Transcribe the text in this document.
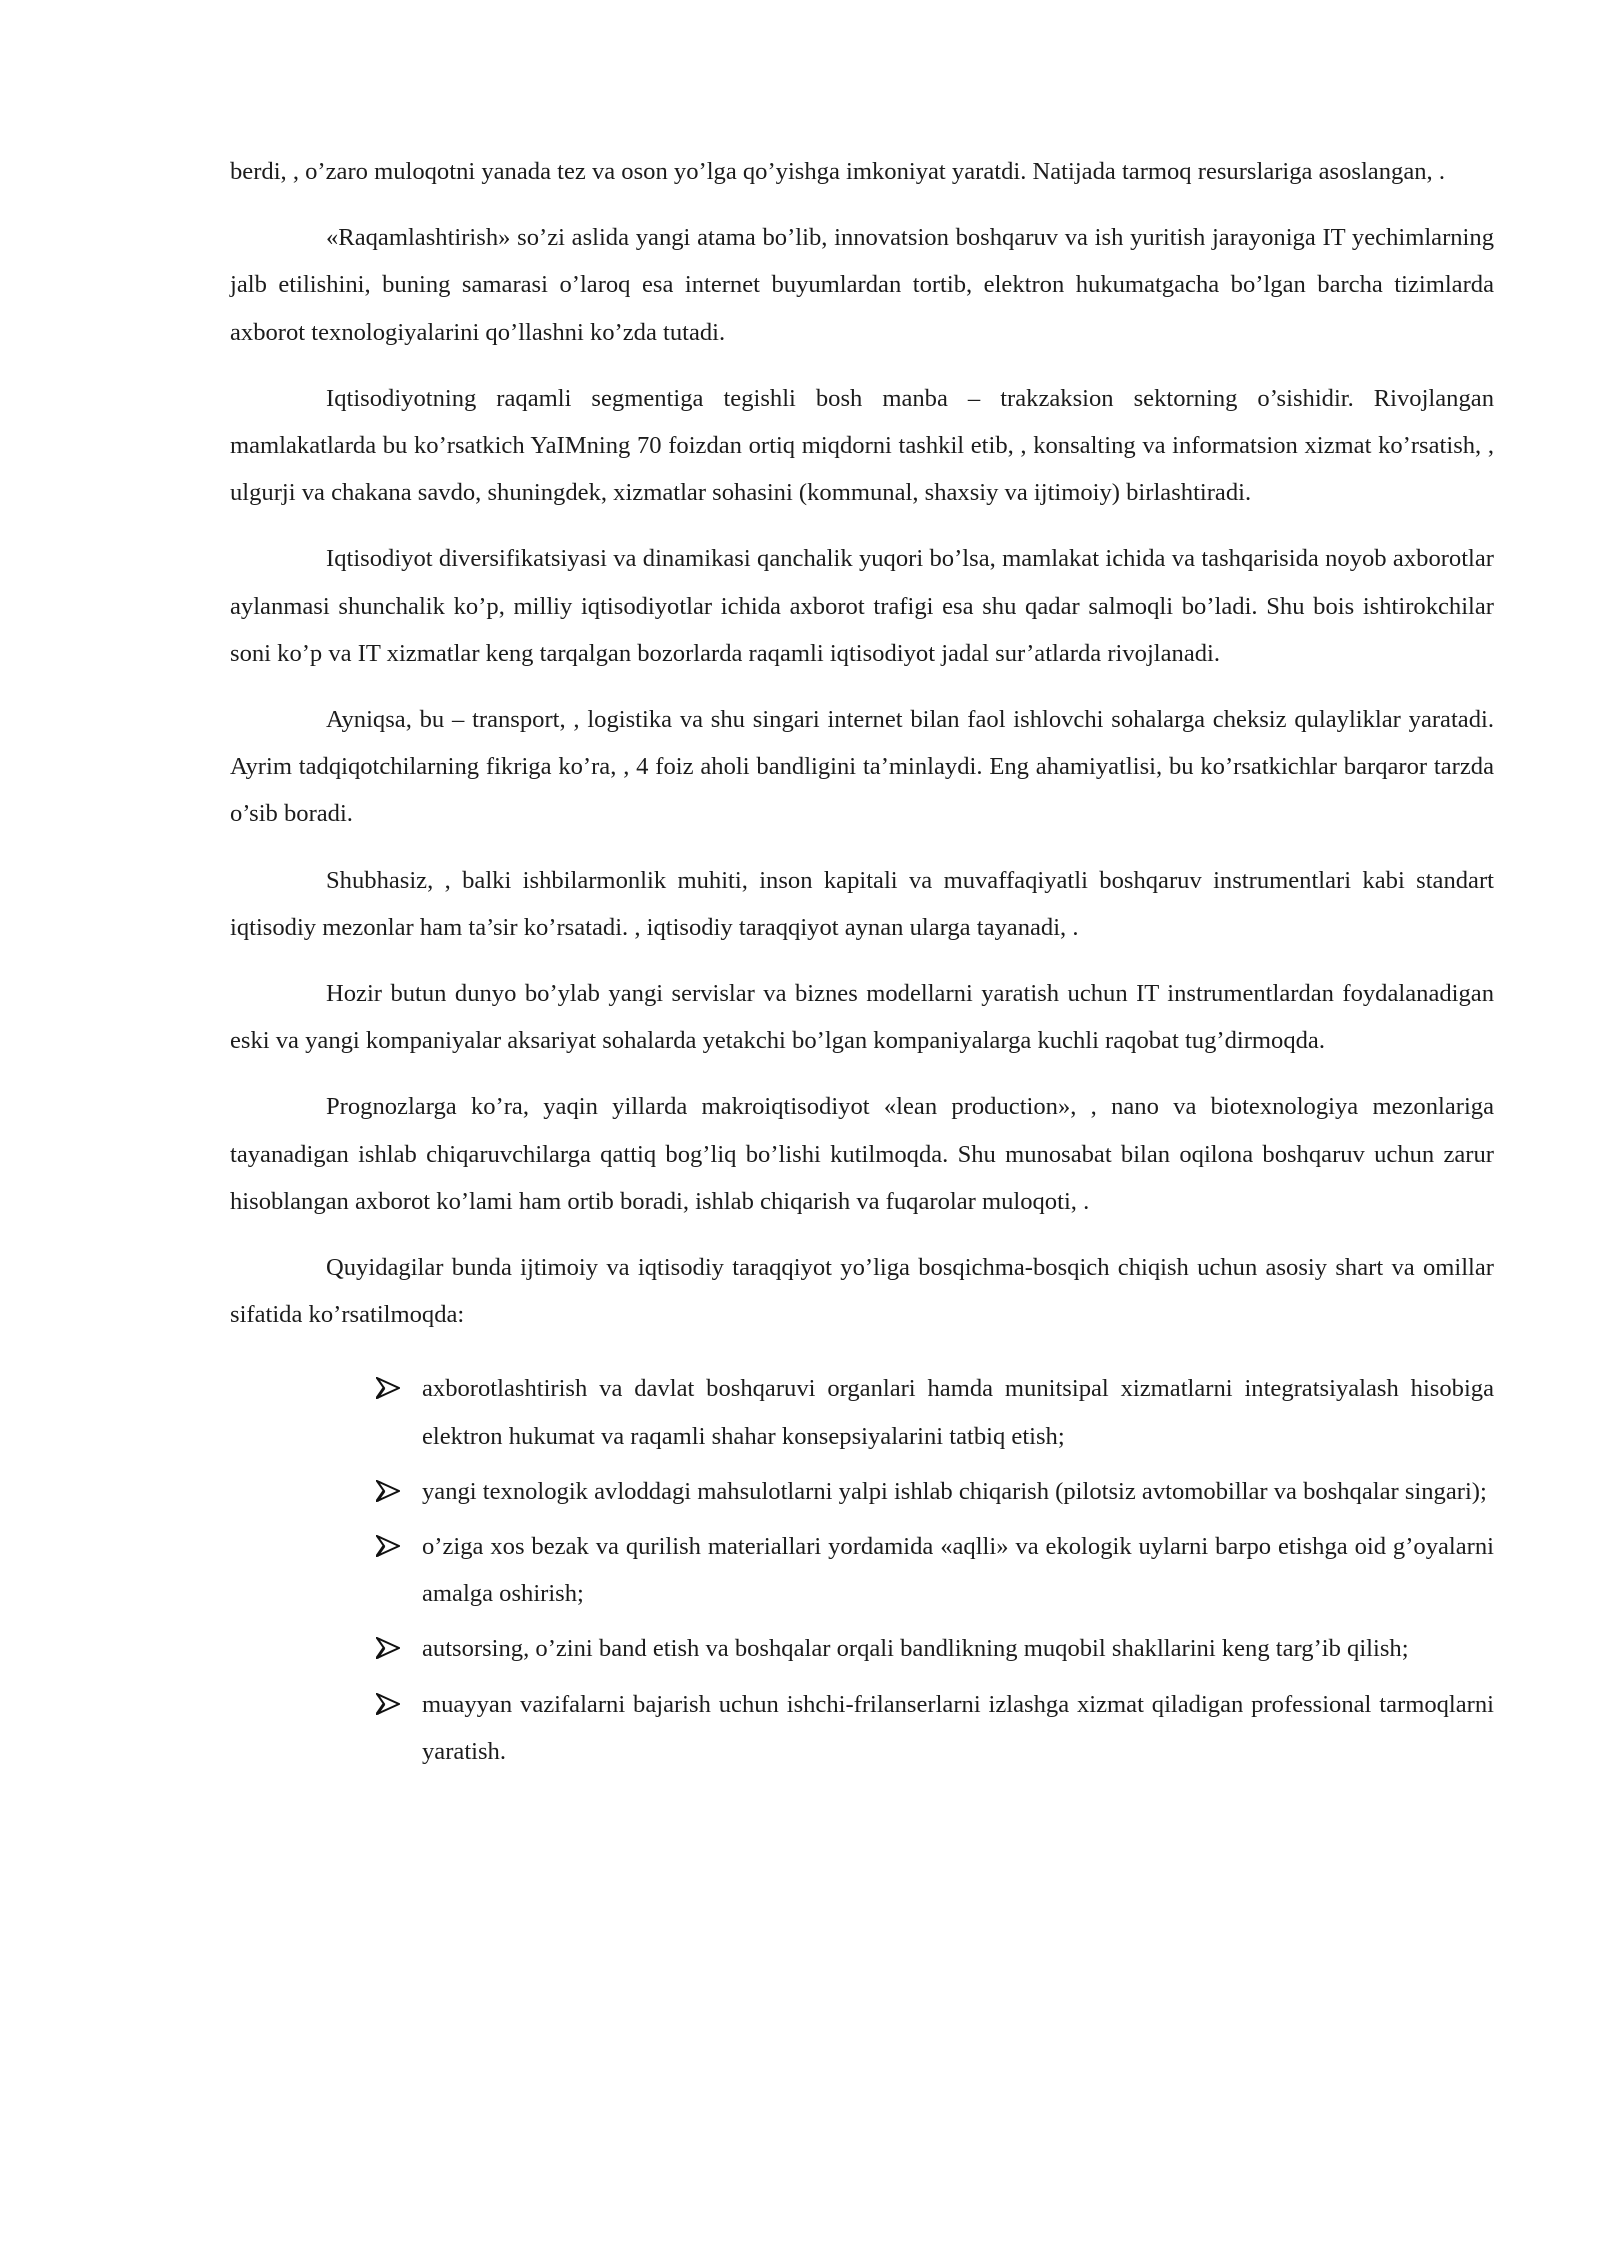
berdi, , o’zaro muloqotni yanada tez va oson yo’lga qo’yishga imkoniyat yaratdi. Natijada tarmoq resurslariga asoslangan, .

«Raqamlashtirish» so’zi aslida yangi atama bo’lib, innovatsion boshqaruv va ish yuritish jarayoniga IT yechimlarning jalb etilishini, buning samarasi o’laroq esa internet buyumlardan tortib, elektron hukumatgacha bo’lgan barcha tizimlarda axborot texnologiyalarini qo’llashni ko’zda tutadi.

Iqtisodiyotning raqamli segmentiga tegishli bosh manba – trakzaksion sektorning o’sishidir. Rivojlangan mamlakatlarda bu ko’rsatkich YaIMning 70 foizdan ortiq miqdorni tashkil etib, , konsalting va informatsion xizmat ko’rsatish, , ulgurji va chakana savdo, shuningdek, xizmatlar sohasini (kommunal, shaxsiy va ijtimoiy) birlashtiradi.

Iqtisodiyot diversifikatsiyasi va dinamikasi qanchalik yuqori bo’lsa, mamlakat ichida va tashqarisida noyob axborotlar aylanmasi shunchalik ko’p, milliy iqtisodiyotlar ichida axborot trafigi esa shu qadar salmoqli bo’ladi. Shu bois ishtirokchilar soni ko’p va IT xizmatlar keng tarqalgan bozorlarda raqamli iqtisodiyot jadal sur’atlarda rivojlanadi.

Ayniqsa, bu – transport, , logistika va shu singari internet bilan faol ishlovchi sohalarga cheksiz qulayliklar yaratadi. Ayrim tadqiqotchilarning fikriga ko’ra, , 4 foiz aholi bandligini ta’minlaydi. Eng ahamiyatlisi, bu ko’rsatkichlar barqaror tarzda o’sib boradi.

Shubhasiz, , balki ishbilarmonlik muhiti, inson kapitali va muvaffaqiyatli boshqaruv instrumentlari kabi standart iqtisodiy mezonlar ham ta’sir ko’rsatadi. , iqtisodiy taraqqiyot aynan ularga tayanadi, .

Hozir butun dunyo bo’ylab yangi servislar va biznes modellarni yaratish uchun IT instrumentlardan foydalanadigan eski va yangi kompaniyalar aksariyat sohalarda yetakchi bo’lgan kompaniyalarga kuchli raqobat tug’dirmoqda.

Prognozlarga ko’ra, yaqin yillarda makroiqtisodiyot «lean production», , nano va biotexnologiya mezonlariga tayanadigan ishlab chiqaruvchilarga qattiq bog’liq bo’lishi kutilmoqda. Shu munosabat bilan oqilona boshqaruv uchun zarur hisoblangan axborot ko’lami ham ortib boradi, ishlab chiqarish va fuqarolar muloqoti, .

Quyidagilar bunda ijtimoiy va iqtisodiy taraqqiyot yo’liga bosqichma-bosqich chiqish uchun asosiy shart va omillar sifatida ko’rsatilmoqda:

axborotlashtirish va davlat boshqaruvi organlari hamda munitsipal xizmatlarni integratsiyalash hisobiga elektron hukumat va raqamli shahar konsepsiyalarini tatbiq etish;
yangi texnologik avloddagi mahsulotlarni yalpi ishlab chiqarish (pilotsiz avtomobillar va boshqalar singari);
o’ziga xos bezak va qurilish materiallari yordamida «aqlli» va ekologik uylarni barpo etishga oid g’oyalarni amalga oshirish;
autsorsing, o’zini band etish va boshqalar orqali bandlikning muqobil shakllarini keng targ’ib qilish;
muayyan vazifalarni bajarish uchun ishchi-frilanserlarni izlashga xizmat qiladigan professional tarmoqlarni yaratish.
